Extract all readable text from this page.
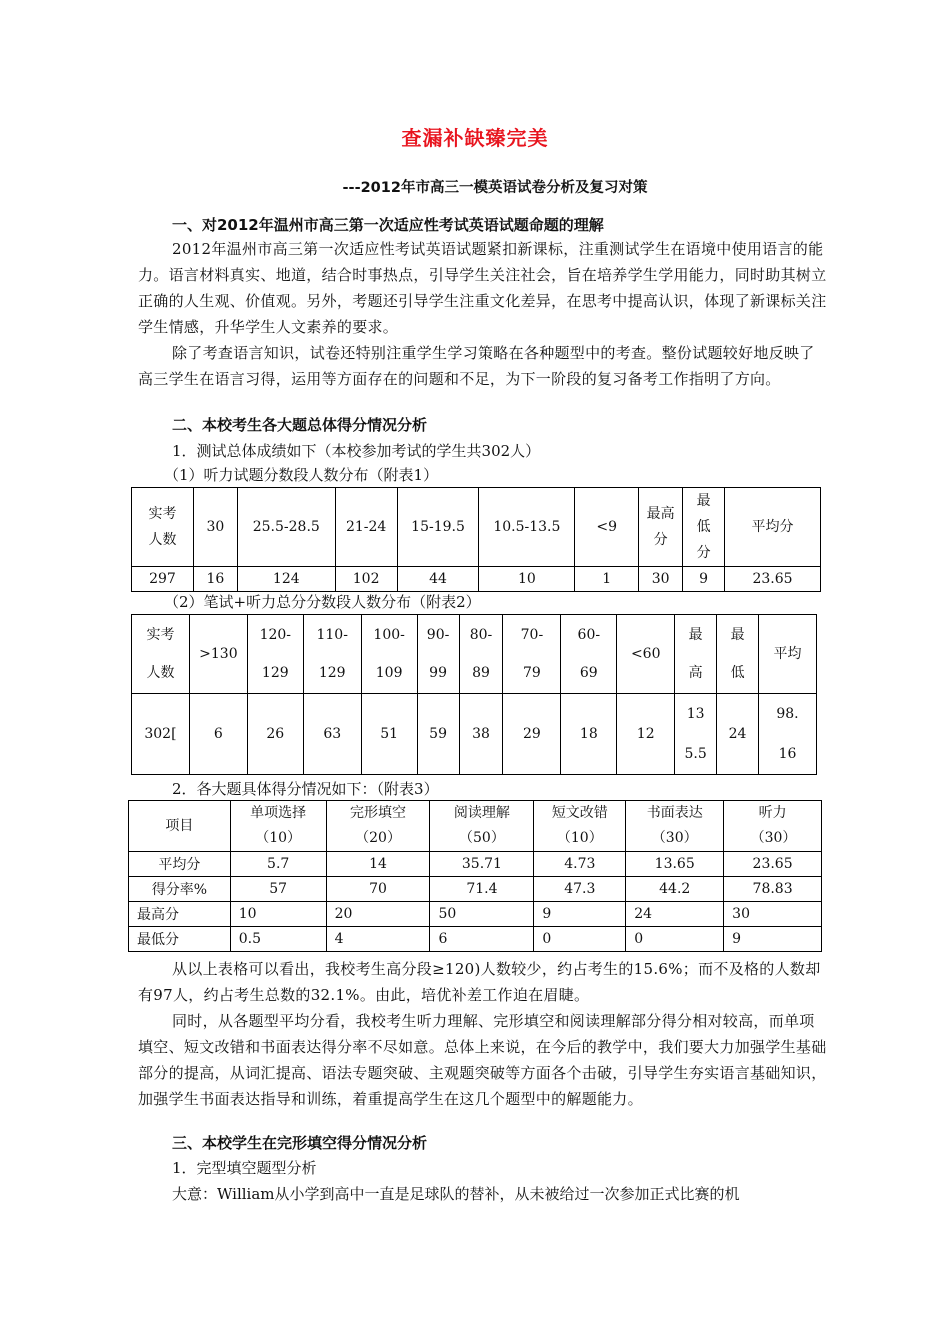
查漏补缺臻完美
---2012年市高三一模英语试卷分析及复习对策
一、对2012年温州市高三第一次适应性考试英语试题命题的理解

2012年温州市高三第一次适应性考试英语试题紧扣新课标，注重测试学生在语境中使用语言的能力。语言材料真实、地道，结合时事热点，引导学生关注社会，旨在培养学生学用能力，同时助其树立正确的人生观、价值观。另外，考题还引导学生注重文化差异，在思考中提高认识，体现了新课标关注学生情感，升华学生人文素养的要求。

除了考查语言知识，试卷还特别注重学生学习策略在各种题型中的考查。整份试题较好地反映了高三学生在语言习得，运用等方面存在的问题和不足，为下一阶段的复习备考工作指明了方向。

二、本校考生各大题总体得分情况分析
1．测试总体成绩如下（本校参加考试的学生共302人）
（1）听力试题分数段人数分布（附表1）
实考人数	30	25.5-28.5	21-24	15-19.5	10.5-13.5	<9	最高分	最低分	平均分
297	16	124	102	44	10	1	30	9	23.65
（2）笔试+听力总分分数段人数分布（附表2）
实考人数	>130	120-129	110-129	100-109	90-99	80-89	70-79	60-69	<60	最高	最低	平均
302[	6	26	63	51	59	38	29	18	12	135.5	24	98.16
2．各大题具体得分情况如下：（附表3）
项目	单项选择（10）	完形填空（20）	阅读理解（50）	短文改错（10）	书面表达（30）	听力（30）
平均分	5.7	14	35.71	4.73	13.65	23.65
得分率%	57	70	71.4	47.3	44.2	78.83
最高分	10	20	50	9	24	30
最低分	0.5	4	6	0	0	9

从以上表格可以看出，我校考生高分段≥120)人数较少，约占考生的15.6%；而不及格的人数却有97人，约占考生总数的32.1%。由此，培优补差工作迫在眉睫。

同时，从各题型平均分看，我校考生听力理解、完形填空和阅读理解部分得分相对较高，而单项填空、短文改错和书面表达得分率不尽如意。总体上来说，在今后的教学中，我们要大力加强学生基础部分的提高，从词汇提高、语法专题突破、主观题突破等方面各个击破，引导学生夯实语言基础知识，加强学生书面表达指导和训练，着重提高学生在这几个题型中的解题能力。

三、本校学生在完形填空得分情况分析
1．完型填空题型分析
大意：William从小学到高中一直是足球队的替补，从未被给过一次参加正式比赛的机
